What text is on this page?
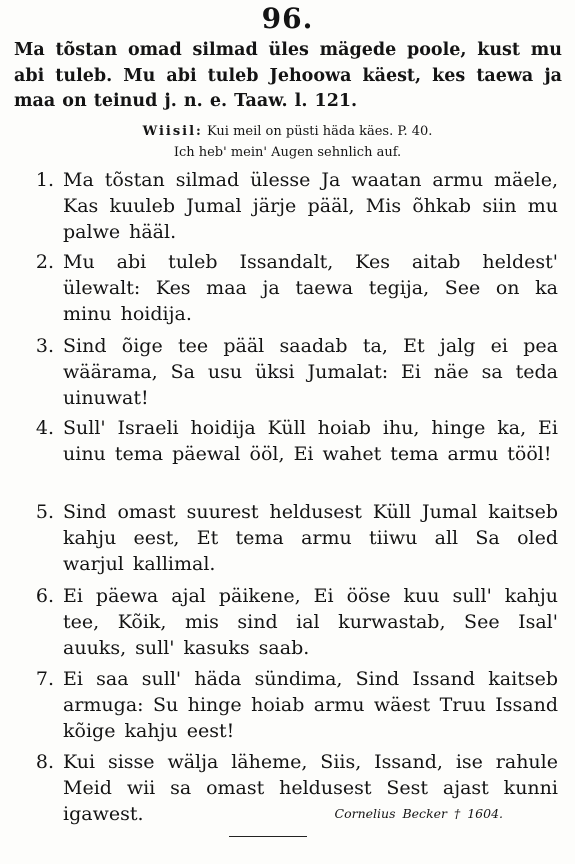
96.
Ma tõstan omad silmad üles mägede poole, kust mu abi tuleb. Mu abi tuleb Jehoowa käest, kes taewa ja maa on teinud j. n. e. Taaw. l. 121.
Wiisil: Kui meil on püsti häda käes. P. 40.
Ich heb' mein' Augen sehnlich auf.
1. Ma tõstan silmad ülesse Ja waatan armu mäele, Kas kuuleb Jumal järje pääl, Mis õhkab siin mu palwe hääl.
2. Mu abi tuleb Issandalt, Kes aitab heldest' ülewalt: Kes maa ja taewa tegija, See on ka minu hoidija.
3. Sind õige tee pääl saadab ta, Et jalg ei pea wäärama, Sa usu üksi Jumalat: Ei näe sa teda uinuwat!
4. Sull' Israeli hoidija Küll hoiab ihu, hinge ka, Ei uinu tema päewal ööl, Ei wahet tema armu tööl!
5. Sind omast suurest heldusest Küll Jumal kaitseb kahju eest, Et tema armu tiiwu all Sa oled warjul kallimal.
6. Ei päewa ajal päikene, Ei ööse kuu sull' kahju tee, Kõik, mis sind ial kurwastab, See Isal' auuks, sull' kasuks saab.
7. Ei saa sull' häda sündima, Sind Issand kaitseb armuga: Su hinge hoiab armu wäest Truu Issand kõige kahju eest!
8. Kui sisse wälja läheme, Siis, Issand, ise rahule Meid wii sa omast heldusest Sest ajast kunni igawest.	Cornelius Becker † 1604.
